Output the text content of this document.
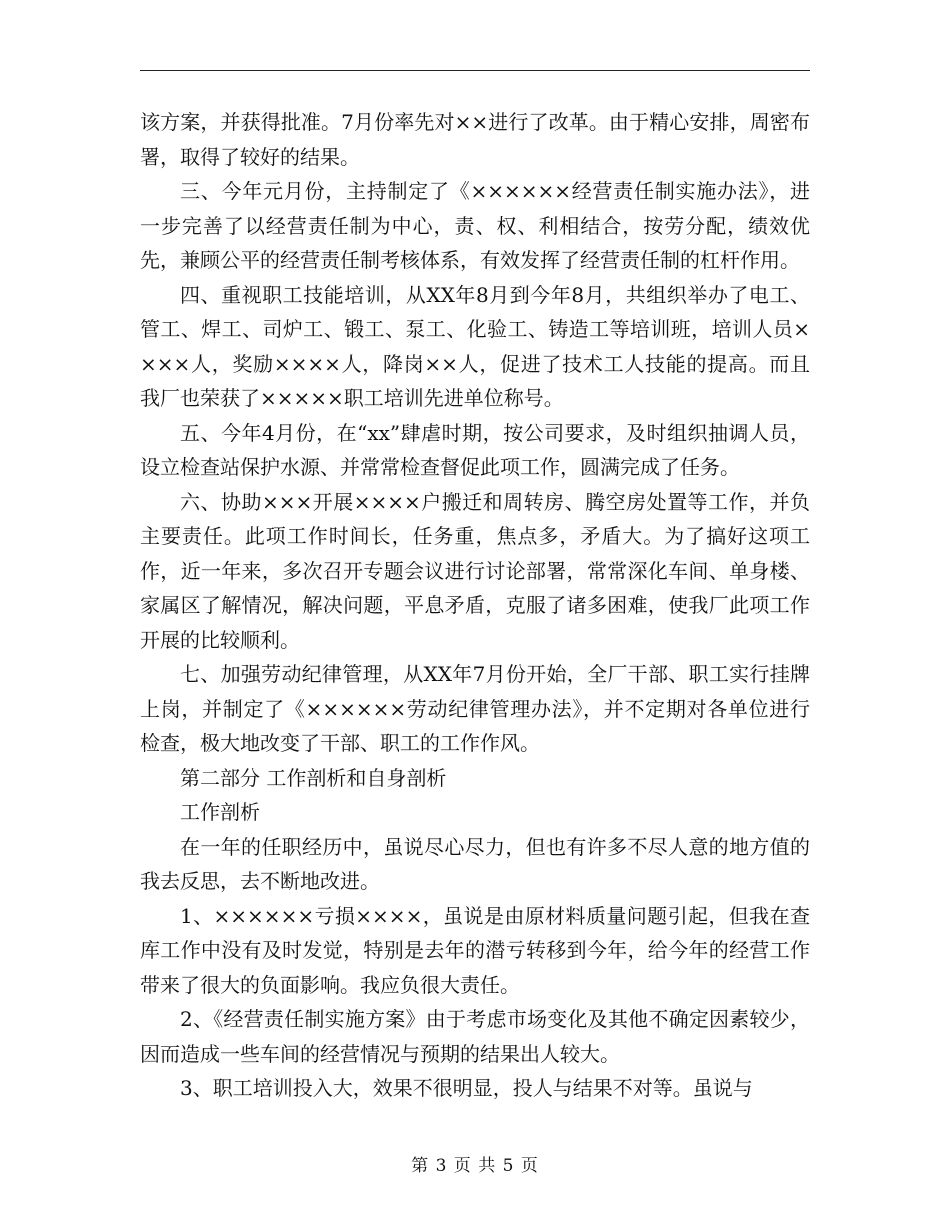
该方案，并获得批准。7月份率先对××进行了改革。由于精心安排，周密布署，取得了较好的结果。

三、今年元月份，主持制定了《××××××经营责任制实施办法》，进一步完善了以经营责任制为中心，责、权、利相结合，按劳分配，绩效优先，兼顾公平的经营责任制考核体系，有效发挥了经营责任制的杠杆作用。

四、重视职工技能培训，从XX年8月到今年8月，共组织举办了电工、管工、焊工、司炉工、锻工、泵工、化验工、铸造工等培训班，培训人员××××人，奖励××××人，降岗××人，促进了技术工人技能的提高。而且我厂也荣获了×××××职工培训先进单位称号。

五、今年4月份，在“xx”肆虐时期，按公司要求，及时组织抽调人员，设立检查站保护水源、并常常检查督促此项工作，圆满完成了任务。

六、协助×××开展××××户搬迁和周转房、腾空房处置等工作，并负主要责任。此项工作时间长，任务重，焦点多，矛盾大。为了搞好这项工作，近一年来，多次召开专题会议进行讨论部署，常常深化车间、单身楼、家属区了解情况，解决问题，平息矛盾，克服了诸多困难，使我厂此项工作开展的比较顺利。

七、加强劳动纪律管理，从XX年7月份开始，全厂干部、职工实行挂牌上岗，并制定了《××××××劳动纪律管理办法》，并不定期对各单位进行检查，极大地改变了干部、职工的工作作风。

第二部分 工作剖析和自身剖析

工作剖析

在一年的任职经历中，虽说尽心尽力，但也有许多不尽人意的地方值的我去反思，去不断地改进。

1、××××××亏损××××，虽说是由原材料质量问题引起，但我在查库工作中没有及时发觉，特别是去年的潜亏转移到今年，给今年的经营工作带来了很大的负面影响。我应负很大责任。

2、《经营责任制实施方案》由于考虑市场变化及其他不确定因素较少，因而造成一些车间的经营情况与预期的结果出人较大。

3、职工培训投入大，效果不很明显，投人与结果不对等。虽说与

第 3 页 共 5 页
